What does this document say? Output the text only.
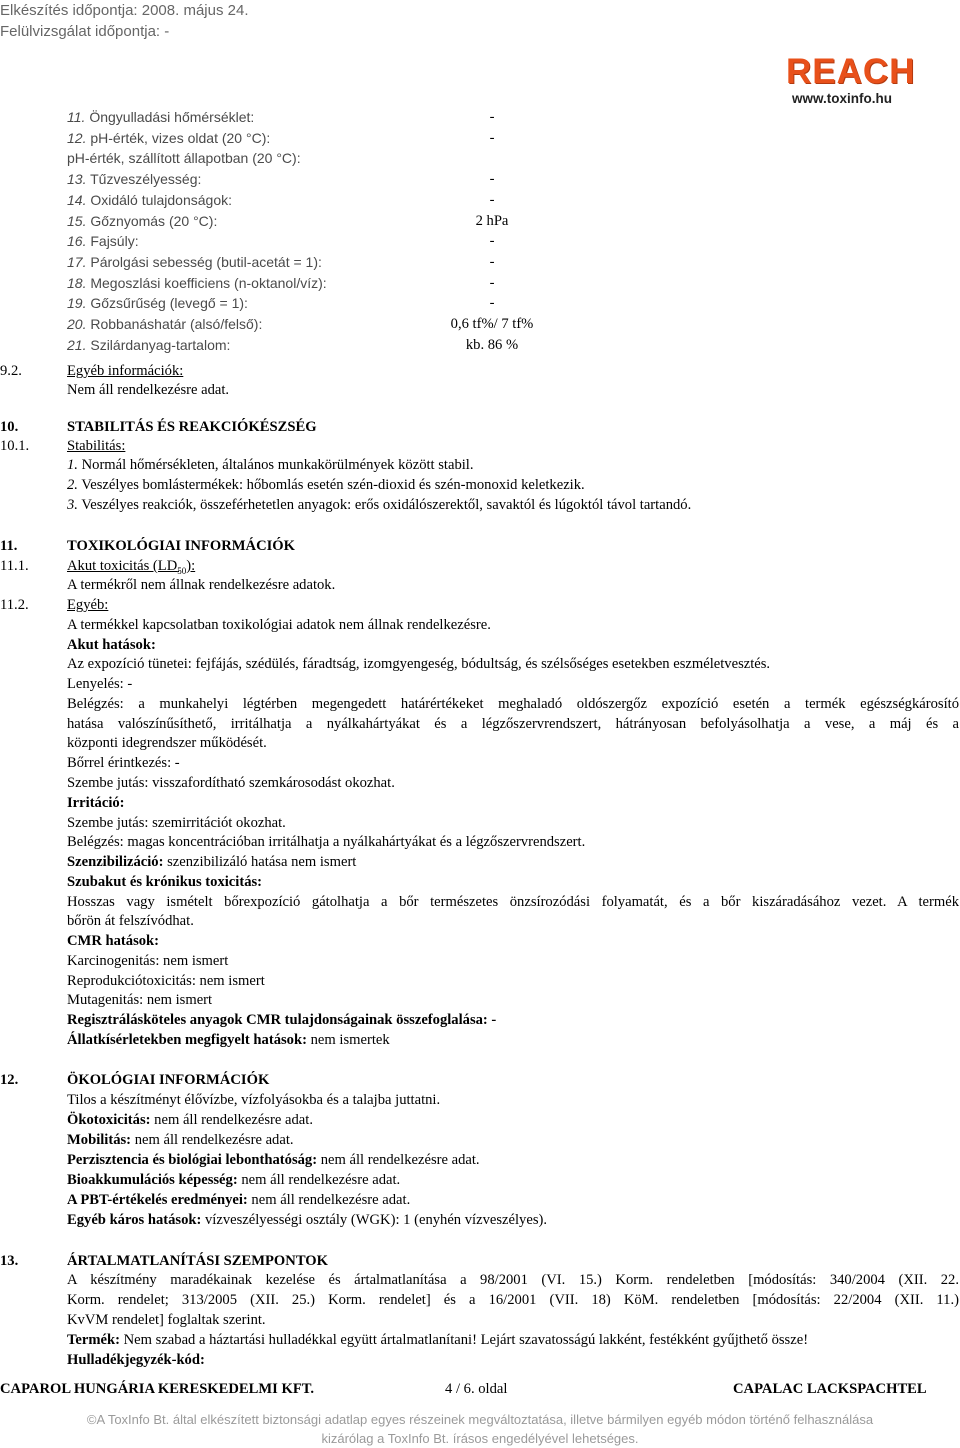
Elkészítés időpontja: 2008. május 24.
Felülvizsgálat időpontja: -
REACH
www.toxinfo.hu
11. Öngyulladási hőmérséklet:	-
12. pH-érték, vizes oldat (20 °C):	-
pH-érték, szállított állapotban (20 °C):
13. Tűzveszélyesség:	-
14. Oxidáló tulajdonságok:	-
15. Gőznyomás (20 °C):	2 hPa
16. Fajsúly:	-
17. Párolgási sebesség (butil-acetát = 1):	-
18. Megoszlási koefficiens (n-oktanol/víz):	-
19. Gőzsűrűség (levegő = 1):	-
20. Robbanáshatár (alsó/felső):	0,6 tf%/ 7 tf%
21. Szilárdanyag-tartalom:	kb. 86 %
9.2.	Egyéb információk:
Nem áll rendelkezésre adat.
10.	STABILITÁS ÉS REAKCIÓKÉSZSÉG
10.1.	Stabilitás:
1. Normál hőmérsékleten, általános munkakörülmények között stabil.
2. Veszélyes bomlástermékek: hőbomlás esetén szén-dioxid és szén-monoxid keletkezik.
3. Veszélyes reakciók, összeférhetetlen anyagok: erős oxidálószerektől, savaktól és lúgoktól távol tartandó.
11.	TOXIKOLÓGIAI INFORMÁCIÓK
11.1.	Akut toxicitás $(LD_{50})$:
A termékről nem állnak rendelkezésre adatok.
11.2.	Egyéb:
A termékkel kapcsolatban toxikológiai adatok nem állnak rendelkezésre.
Akut hatások:
Az expozíció tünetei: fejfájás, szédülés, fáradtság, izomgyengeség, bódultság, és szélsőséges esetekben eszméletvesztés.
Lenyelés: -
Belégzés: a munkahelyi légtérben megengedett határértékeket meghaladó oldószergőz expozíció esetén a termék egészségkárosító
hatása valószínűsíthető, irritálhatja a nyálkahártyákat és a légzőszervrendszert, hátrányosan befolyásolhatja a vese, a máj és a
központi idegrendszer működését.
Bőrrel érintkezés: -
Szembe jutás: visszafordítható szemkárosodást okozhat.
Irritáció:
Szembe jutás: szemirritációt okozhat.
Belégzés: magas koncentrációban irritálhatja a nyálkahártyákat és a légzőszervrendszert.
Szenzibilizáció: szenzibilizáló hatása nem ismert
Szubakut és krónikus toxicitás:
Hosszas vagy ismételt bőrexpozíció gátolhatja a bőr természetes önzsírozódási folyamatát, és a bőr kiszáradásához vezet. A termék
bőrön át felszívódhat.
CMR hatások:
Karcinogenitás: nem ismert
Reprodukciótoxicitás: nem ismert
Mutagenitás: nem ismert
Regisztrálásköteles anyagok CMR tulajdonságainak összefoglalása: -
Állatkísérletekben megfigyelt hatások: nem ismertek
12.	ÖKOLÓGIAI INFORMÁCIÓK
Tilos a készítményt élővízbe, vízfolyásokba és a talajba juttatni.
Ökotoxicitás: nem áll rendelkezésre adat.
Mobilitás: nem áll rendelkezésre adat.
Perzisztencia és biológiai lebonthatóság: nem áll rendelkezésre adat.
Bioakkumulációs képesség: nem áll rendelkezésre adat.
A PBT-értékelés eredményei: nem áll rendelkezésre adat.
Egyéb káros hatások: vízveszélyességi osztály (WGK): 1 (enyhén vízveszélyes).
13.	ÁRTALMATLANÍTÁSI SZEMPONTOK
A készítmény maradékainak kezelése és ártalmatlanítása a 98/2001 (VI. 15.) Korm. rendeletben [módosítás: 340/2004 (XII. 22.
Korm. rendelet; 313/2005 (XII. 25.) Korm. rendelet] és a 16/2001 (VII. 18) KöM. rendeletben [módosítás: 22/2004 (XII. 11.)
KvVM rendelet] foglaltak szerint.
Termék: Nem szabad a háztartási hulladékkal együtt ártalmatlanítani! Lejárt szavatosságú lakként, festékként gyűjthető össze!
Hulladékjegyzék-kód:
CAPAROL HUNGÁRIA KERESKEDELMI KFT.	4 / 6. oldal	CAPALAC LACKSPACHTEL
©A ToxInfo Bt. által elkészített biztonsági adatlap egyes részeinek megváltoztatása, illetve bármilyen egyéb módon történő felhasználása
kizárólag a ToxInfo Bt. írásos engedélyével lehetséges.
